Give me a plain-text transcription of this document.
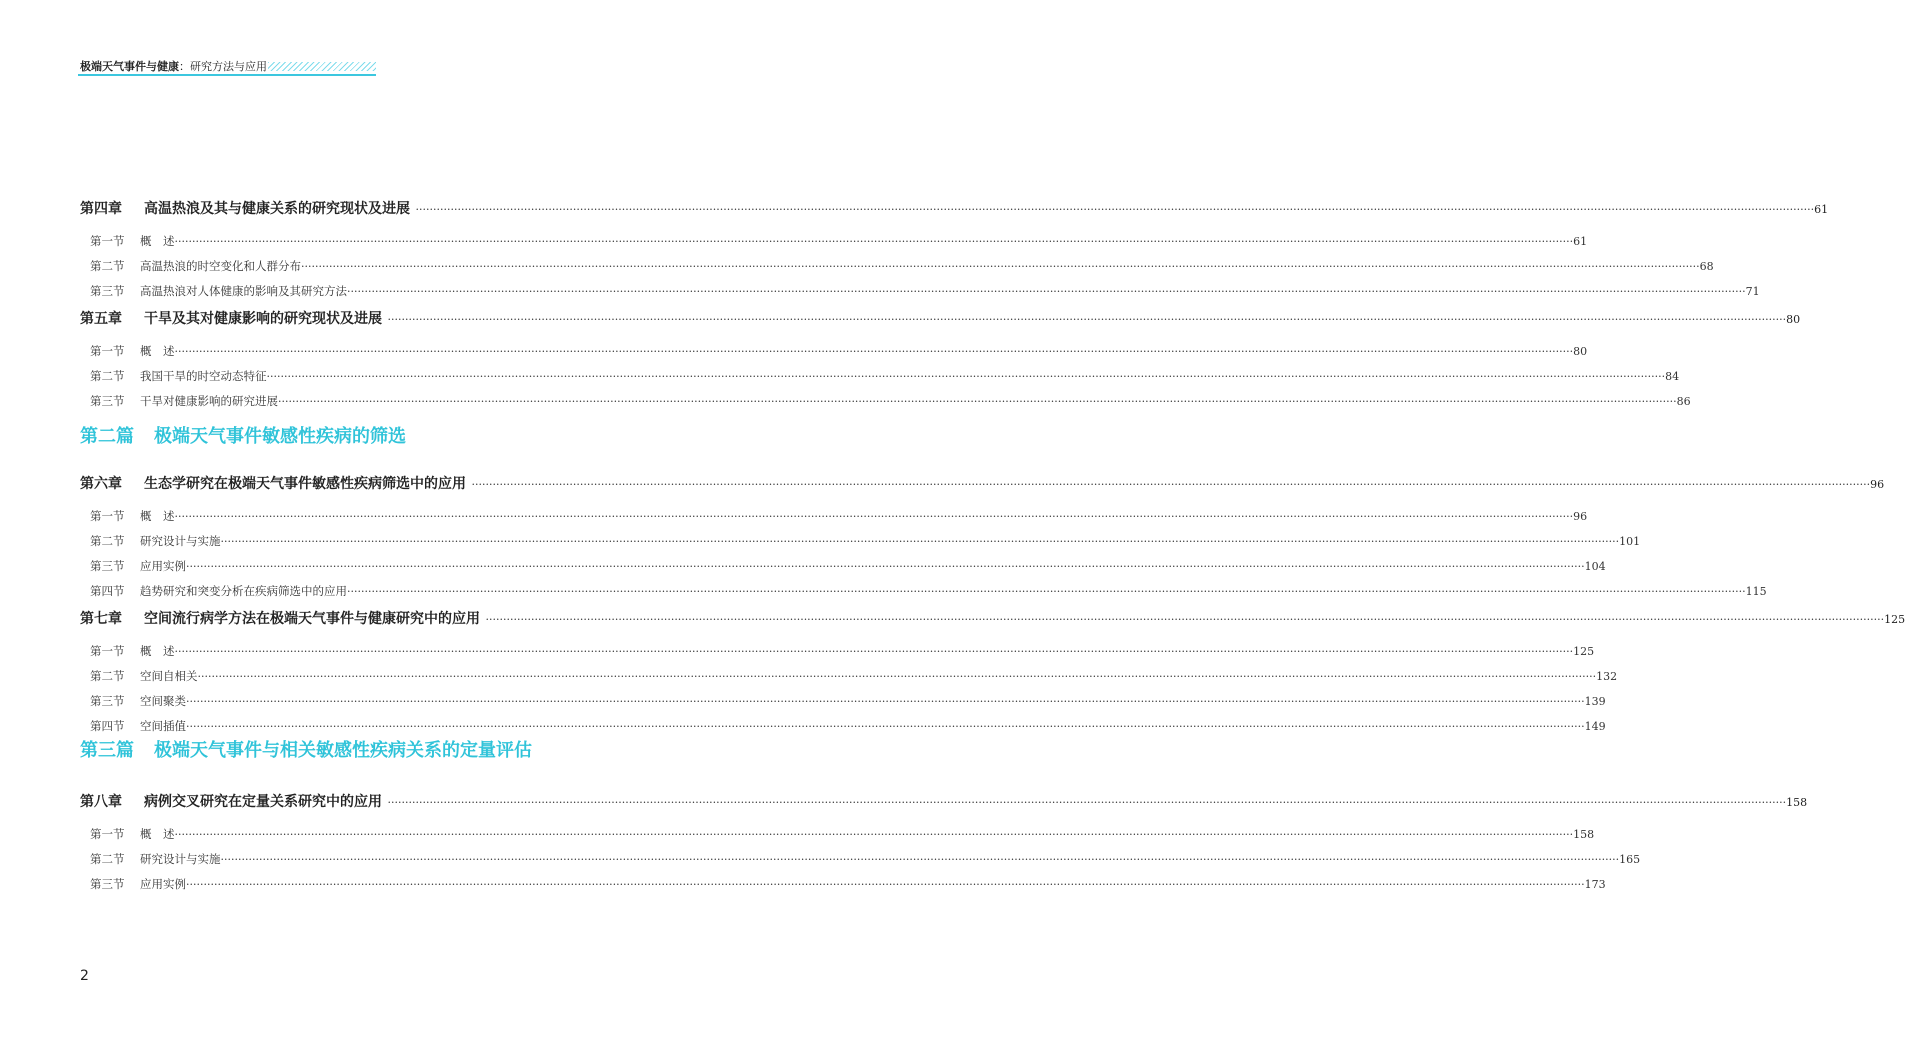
极端天气事件与健康：研究方法与应用
第四章	高温热浪及其与健康关系的研究现状及进展  ················································································································································································································································································································································································································ 61
第一节	概　述 ················································································································································································································································································································································································································ 61
第二节	高温热浪的时空变化和人群分布 ················································································································································································································································································································································································································ 68
第三节	高温热浪对人体健康的影响及其研究方法 ················································································································································································································································································································································································································ 71
第五章	干旱及其对健康影响的研究现状及进展  ················································································································································································································································································································································································································ 80
第一节	概　述 ················································································································································································································································································································································································································ 80
第二节	我国干旱的时空动态特征 ················································································································································································································································································································································································································ 84
第三节	干旱对健康影响的研究进展 ················································································································································································································································································································································································································ 86
第二篇 极端天气事件敏感性疾病的筛选
第六章	生态学研究在极端天气事件敏感性疾病筛选中的应用  ················································································································································································································································································································································································································ 96
第一节	概　述 ················································································································································································································································································································································································································ 96
第二节	研究设计与实施 ················································································································································································································································································································································································································ 101
第三节	应用实例 ················································································································································································································································································································································································································ 104
第四节	趋势研究和突变分析在疾病筛选中的应用 ················································································································································································································································································································································································································ 115
第七章	空间流行病学方法在极端天气事件与健康研究中的应用  ················································································································································································································································································································································································································ 125
第一节	概　述 ················································································································································································································································································································································································································ 125
第二节	空间自相关 ················································································································································································································································································································································································································ 132
第三节	空间聚类 ················································································································································································································································································································································································································ 139
第四节	空间插值 ················································································································································································································································································································································································································ 149
第三篇 极端天气事件与相关敏感性疾病关系的定量评估
第八章	病例交叉研究在定量关系研究中的应用  ················································································································································································································································································································································································································ 158
第一节	概　述 ················································································································································································································································································································································································································ 158
第二节	研究设计与实施 ················································································································································································································································································································································································································ 165
第三节	应用实例 ················································································································································································································································································································································································································ 173
2
